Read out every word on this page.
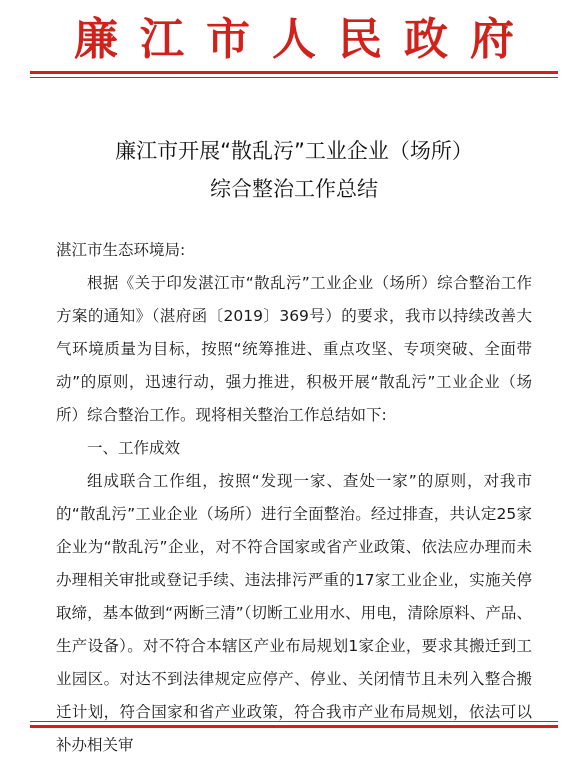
廉江市人民政府
廉江市开展“散乱污”工业企业（场所）
综合整治工作总结

湛江市生态环境局:

根据《关于印发湛江市“散乱污”工业企业（场所）综合整治工作方案的通知》（湛府函〔2019〕369号）的要求，我市以持续改善大气环境质量为目标，按照“统筹推进、重点攻坚、专项突破、全面带动”的原则，迅速行动，强力推进，积极开展“散乱污”工业企业（场所）综合整治工作。现将相关整治工作总结如下:

一、工作成效

组成联合工作组，按照“发现一家、查处一家”的原则，对我市的“散乱污”工业企业（场所）进行全面整治。经过排查，共认定25家企业为“散乱污”企业，对不符合国家或省产业政策、依法应办理而未办理相关审批或登记手续、违法排污严重的17家工业企业，实施关停取缔，基本做到“两断三清”（切断工业用水、用电，清除原料、产品、生产设备）。对不符合本辖区产业布局规划1家企业，要求其搬迁到工业园区。对达不到法律规定应停产、停业、关闭情节且未列入整合搬迁计划，符合国家和省产业政策，符合我市产业布局规划，依法可以补办相关审
